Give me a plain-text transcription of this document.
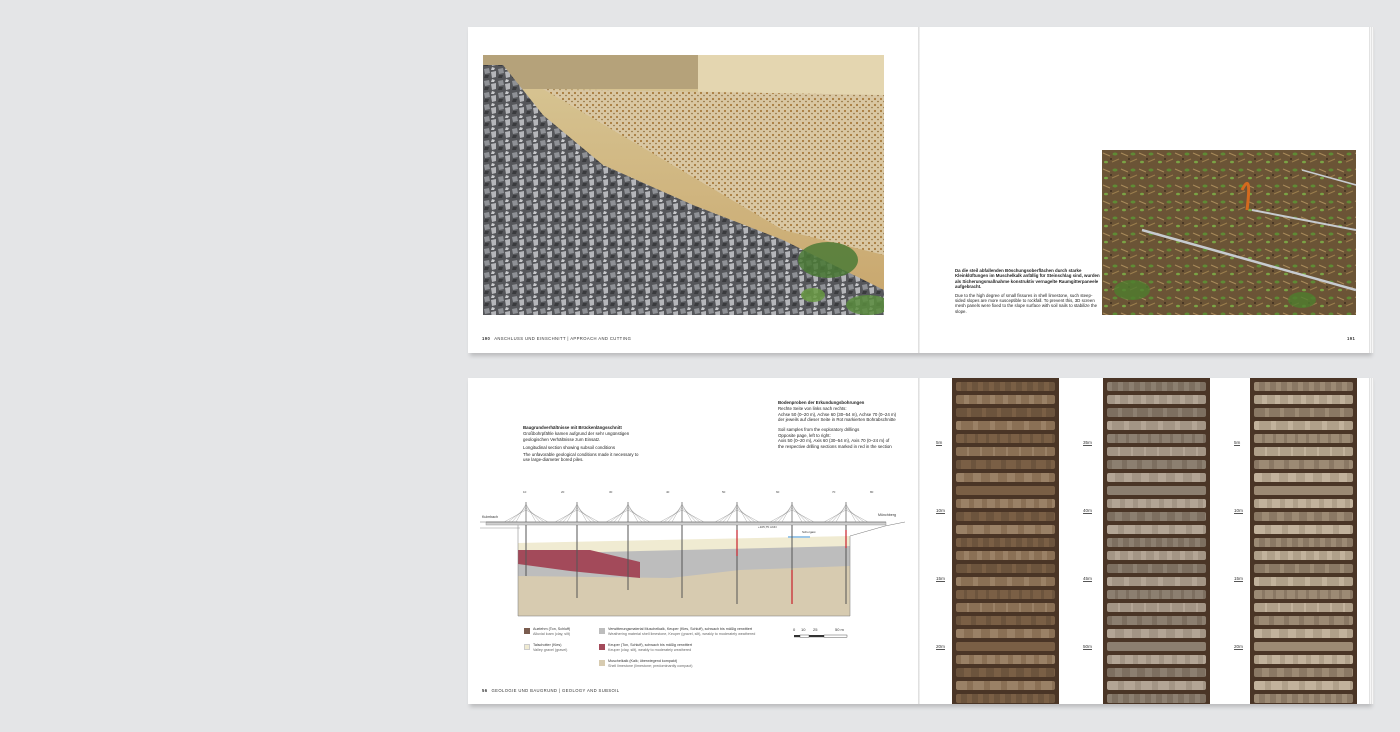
190 ANSCHLUSS UND EINSCHNITT | APPROACH AND CUTTING

Da die steil abfallenden Böschungsoberflächen durch starke Kleinklüftungen im Muschelkalk anfällig für Steinschlag sind, wurden als Sicherungsmaßnahme konstruktiv vernagelte Raumgitterpaneele aufgebracht.

Due to the high degree of small fissures in shell limestone, such steep-sided slopes are more susceptible to rockfall. To prevent this, 3D screen mesh panels were fixed to the slope surface with soil nails to stabilize the slope.

191

Baugrundverhältnisse mit Brückenlängsschnitt

Großbohrpfähle kamen aufgrund der sehr ungünstigen geologischen Verhältnisse zum Einsatz.

Longitudinal section showing subsoil conditions

The unfavorable geological conditions made it necessary to use large-diameter bored piles.

Bodenproben der Erkundungsbohrungen

Rechte Seite von links nach rechts:
Achse 50 (0–20 m), Achse 60 (30–54 m), Achse 70 (0–24 m)
der jeweils auf dieser Seite in Rot markierten Bohrabschnitte

Soil samples from the exploratory drillings

Opposite page, left to right:
Axis 50 (0–20 m), Axis 60 (30–54 m), Axis 70 (0–24 m) of
the respective drilling sections marked in red in the section

Schorgast
+105,75 mNN
Kulmbach	Münchberg
10	20	30	40	50	60	70	80
Auelehm (Ton, Schluff)
Alluvial loam (clay, silt)
Talschotter (Kies)
Valley gravel (gravel)
Verwitterungsmaterial Muschelkalk, Keuper (Kies, Schluff), schwach bis mäßig verwittert
Weathering material shell limestone, Keuper (gravel, silt), weakly to moderately weathered
Keuper (Ton, Schluff), schwach bis mäßig verwittert
Keuper (clay, silt), weakly to moderately weathered
Muschelkalk (Kalk; überwiegend kompakt)
Shell limestone (limestone; predominantly compact)
0 10 25	50 m
56 GEOLOGIE UND BAUGRUND | GEOLOGY AND SUBSOIL
5m
10m
15m
20m
35m
40m
45m
50m
5m
10m
15m
20m
